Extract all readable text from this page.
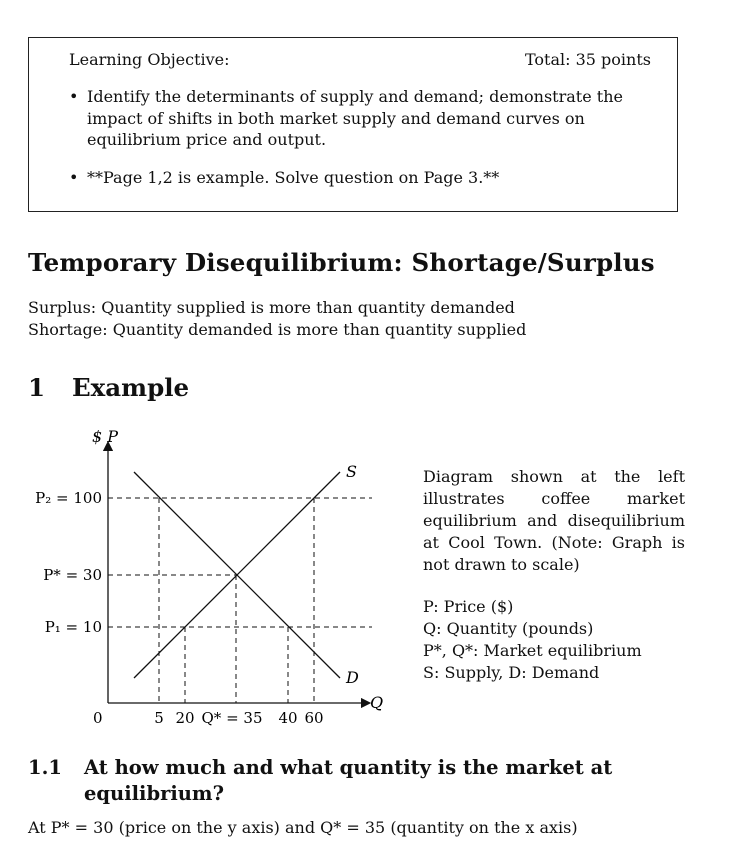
Learning Objective:	Total: 35 points
• Identify the determinants of supply and demand; demonstrate the impact of shifts in both market supply and demand curves on equilibrium price and output.
• **Page 1,2 is example. Solve question on Page 3.**
Temporary Disequilibrium: Shortage/Surplus
Surplus: Quantity supplied is more than quantity demanded
Shortage: Quantity demanded is more than quantity supplied
1 Example
$ P
Q
0
P₂ = 100
P* = 30
P₁ = 10
5 20 Q* = 35 40 60
S
D
Diagram shown at the left illustrates coffee market equilibrium and disequilibrium at Cool Town. (Note: Graph is not drawn to scale)
P: Price ($)
Q: Quantity (pounds)
P*, Q*: Market equilibrium
S: Supply, D: Demand
1.1 At how much and what quantity is the market at equilibrium?
At P* = 30 (price on the y axis) and Q* = 35 (quantity on the x axis)
